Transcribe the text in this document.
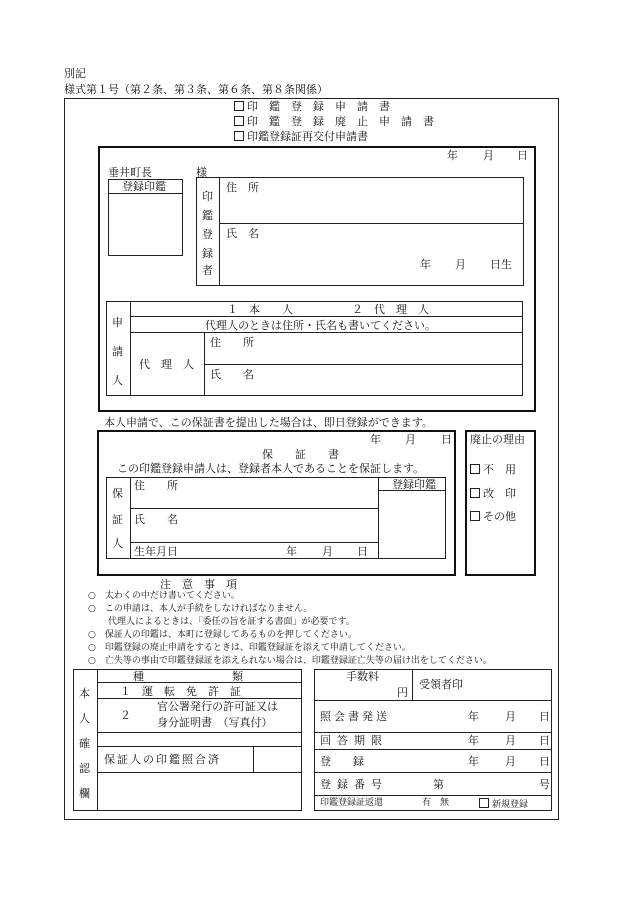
別記
様式第１号（第２条、第３条、第６条、第８条関係）
印　鑑　登　録　申　請　書
印　鑑　登　録　廃　止　申　請　書
印鑑登録証再交付申請書
年 月 日
垂井町長	様
登録印鑑
印
鑑
登
録
者
住　所
氏　名
年 月 日生
申
請
人
１　本　　人	２　代　理　人
代理人のときは住所・氏名も書いてください。
代　理　人
住　　所
氏　　名
本人申請で、この保証書を提出した場合は、即日登録ができます。
年 月 日
保　　証　　書
この印鑑登録申請人は、登録者本人であることを保証します。
保
証
人
住　　所
氏　　名
生年月日	年 月 日
登録印鑑
廃止の理由
不　用
改　印
その他
注　意　事　項
○　太わくの中だけ書いてください。
○　この申請は、本人が手続をしなければなりません。
代理人によるときは、「委任の旨を証する書面」が必要です。
○　保証人の印鑑は、本町に登録してあるものを押してください。
○　印鑑登録の廃止申請をするときは、印鑑登録証を添えて申請してください。
○　亡失等の事由で印鑑登録証を添えられない場合は、印鑑登録証亡失等の届け出をしてください。
本
人
確
認
欄
種　　　　　　　　類
１　運　転　免　許　証
２
官公署発行の許可証又は
身分証明書　（写真付）
保証人の印鑑照合済
手数料
円
受領者印
照会書発送	年 月 日
回答期限	年 月 日
登　　録	年 月 日
登録番号	第	号
印鑑登録証返還	有　無	新規登録
